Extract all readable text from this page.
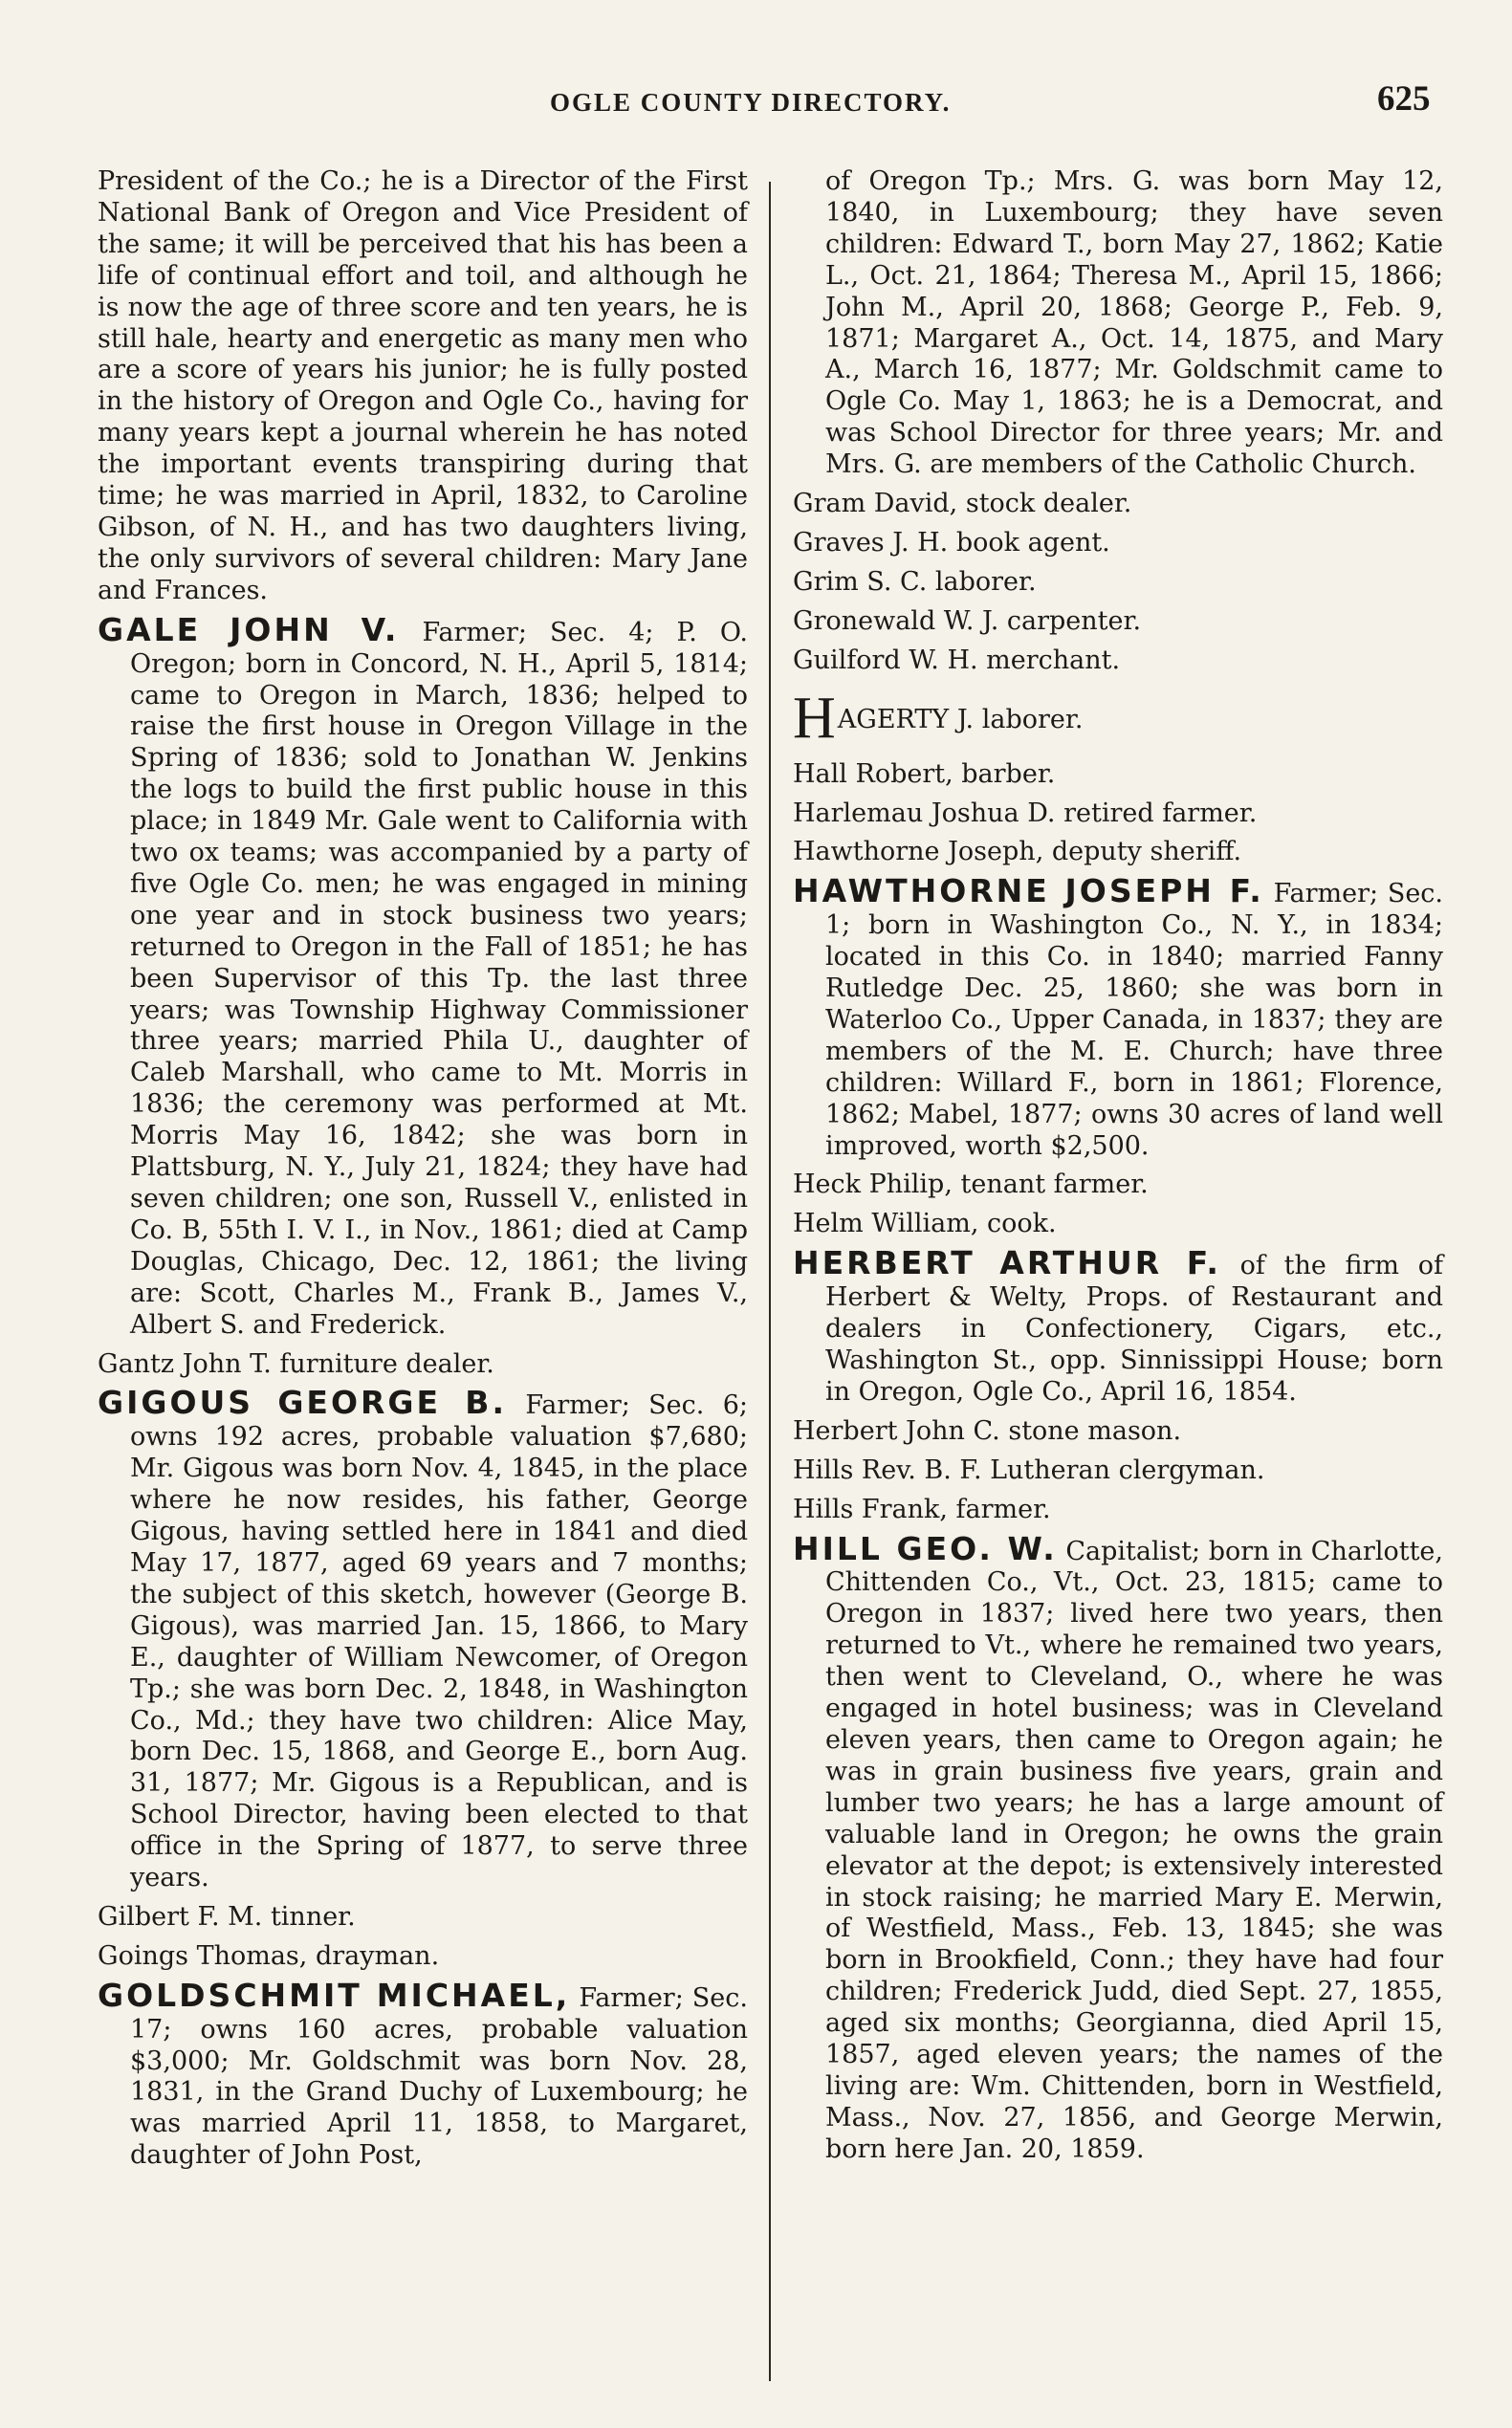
OGLE COUNTY DIRECTORY.	625

President of the Co.; he is a Director of the First National Bank of Oregon and Vice President of the same; it will be perceived that his has been a life of continual effort and toil, and although he is now the age of three score and ten years, he is still hale, hearty and energetic as many men who are a score of years his junior; he is fully posted in the history of Oregon and Ogle Co., having for many years kept a journal wherein he has noted the important events transpiring during that time; he was married in April, 1832, to Caroline Gibson, of N. H., and has two daughters living, the only survivors of several children: Mary Jane and Frances.

GALE JOHN V. Farmer; Sec. 4; P. O. Oregon; born in Concord, N. H., April 5, 1814; came to Oregon in March, 1836; helped to raise the first house in Oregon Village in the Spring of 1836; sold to Jonathan W. Jenkins the logs to build the first public house in this place; in 1849 Mr. Gale went to California with two ox teams; was accompanied by a party of five Ogle Co. men; he was engaged in mining one year and in stock business two years; returned to Oregon in the Fall of 1851; he has been Supervisor of this Tp. the last three years; was Township Highway Commissioner three years; married Phila U., daughter of Caleb Marshall, who came to Mt. Morris in 1836; the ceremony was performed at Mt. Morris May 16, 1842; she was born in Plattsburg, N. Y., July 21, 1824; they have had seven children; one son, Russell V., enlisted in Co. B, 55th I. V. I., in Nov., 1861; died at Camp Douglas, Chicago, Dec. 12, 1861; the living are: Scott, Charles M., Frank B., James V., Albert S. and Frederick.

Gantz John T. furniture dealer.

GIGOUS GEORGE B. Farmer; Sec. 6; owns 192 acres, probable valuation $7,680; Mr. Gigous was born Nov. 4, 1845, in the place where he now resides, his father, George Gigous, having settled here in 1841 and died May 17, 1877, aged 69 years and 7 months; the subject of this sketch, however (George B. Gigous), was married Jan. 15, 1866, to Mary E., daughter of William Newcomer, of Oregon Tp.; she was born Dec. 2, 1848, in Washington Co., Md.; they have two children: Alice May, born Dec. 15, 1868, and George E., born Aug. 31, 1877; Mr. Gigous is a Republican, and is School Director, having been elected to that office in the Spring of 1877, to serve three years.

Gilbert F. M. tinner.

Goings Thomas, drayman.

GOLDSCHMIT MICHAEL, Farmer; Sec. 17; owns 160 acres, probable valuation $3,000; Mr. Goldschmit was born Nov. 28, 1831, in the Grand Duchy of Luxembourg; he was married April 11, 1858, to Margaret, daughter of John Post,

of Oregon Tp.; Mrs. G. was born May 12, 1840, in Luxembourg; they have seven children: Edward T., born May 27, 1862; Katie L., Oct. 21, 1864; Theresa M., April 15, 1866; John M., April 20, 1868; George P., Feb. 9, 1871; Margaret A., Oct. 14, 1875, and Mary A., March 16, 1877; Mr. Goldschmit came to Ogle Co. May 1, 1863; he is a Democrat, and was School Director for three years; Mr. and Mrs. G. are members of the Catholic Church.

Gram David, stock dealer.

Graves J. H. book agent.

Grim S. C. laborer.

Gronewald W. J. carpenter.

Guilford W. H. merchant.

HAGERTY J. laborer.

Hall Robert, barber.

Harlemau Joshua D. retired farmer.

Hawthorne Joseph, deputy sheriff.

HAWTHORNE JOSEPH F. Farmer; Sec. 1; born in Washington Co., N. Y., in 1834; located in this Co. in 1840; married Fanny Rutledge Dec. 25, 1860; she was born in Waterloo Co., Upper Canada, in 1837; they are members of the M. E. Church; have three children: Willard F., born in 1861; Florence, 1862; Mabel, 1877; owns 30 acres of land well improved, worth $2,500.

Heck Philip, tenant farmer.

Helm William, cook.

HERBERT ARTHUR F. of the firm of Herbert & Welty, Props. of Restaurant and dealers in Confectionery, Cigars, etc., Washington St., opp. Sinnissippi House; born in Oregon, Ogle Co., April 16, 1854.

Herbert John C. stone mason.

Hills Rev. B. F. Lutheran clergyman.

Hills Frank, farmer.

HILL GEO. W. Capitalist; born in Charlotte, Chittenden Co., Vt., Oct. 23, 1815; came to Oregon in 1837; lived here two years, then returned to Vt., where he remained two years, then went to Cleveland, O., where he was engaged in hotel business; was in Cleveland eleven years, then came to Oregon again; he was in grain business five years, grain and lumber two years; he has a large amount of valuable land in Oregon; he owns the grain elevator at the depot; is extensively interested in stock raising; he married Mary E. Merwin, of Westfield, Mass., Feb. 13, 1845; she was born in Brookfield, Conn.; they have had four children; Frederick Judd, died Sept. 27, 1855, aged six months; Georgianna, died April 15, 1857, aged eleven years; the names of the living are: Wm. Chittenden, born in Westfield, Mass., Nov. 27, 1856, and George Merwin, born here Jan. 20, 1859.
